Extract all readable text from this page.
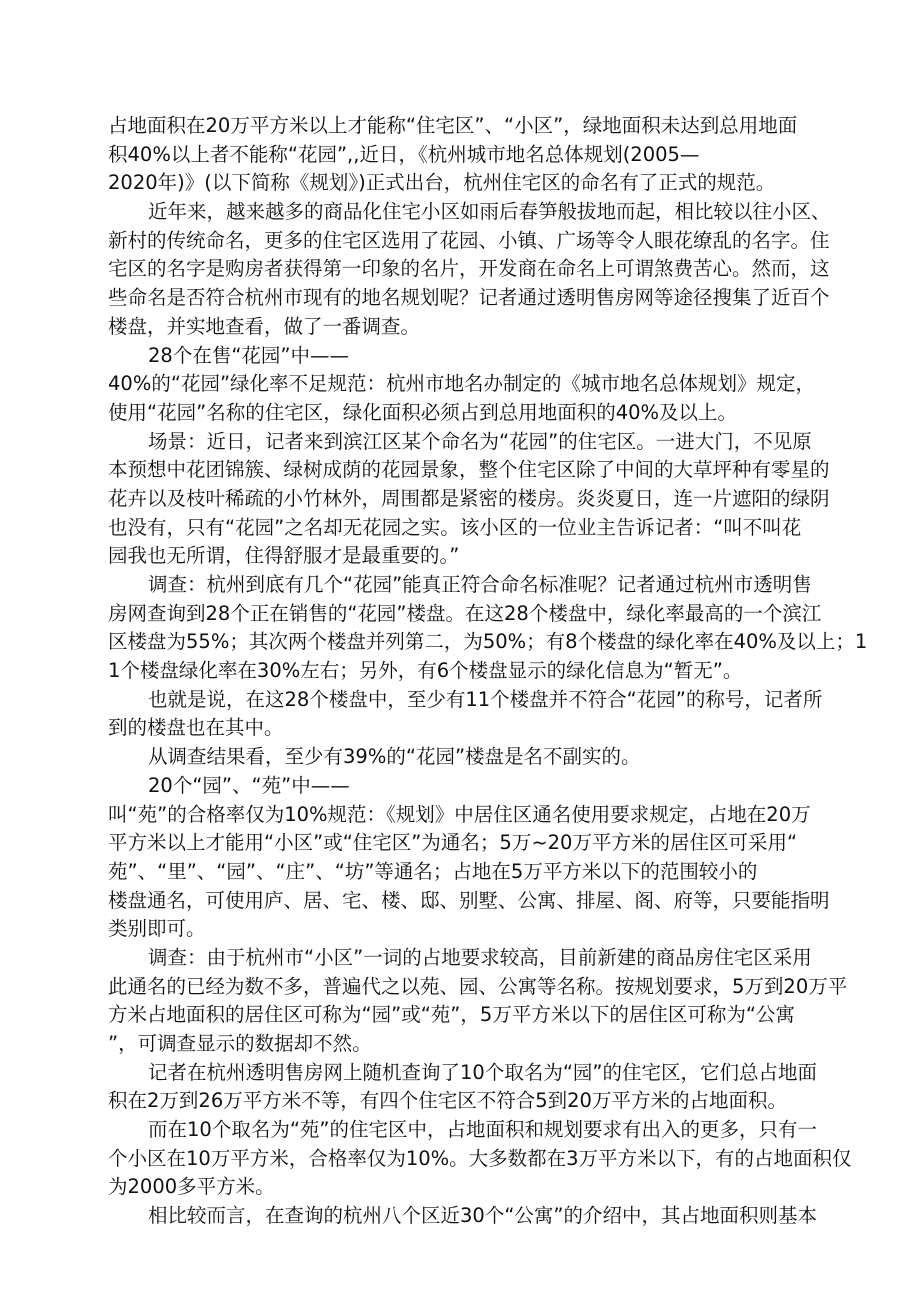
占地面积在20万平方米以上才能称“住宅区”、“小区”，绿地面积未达到总用地面
积40%以上者不能称“花园”,,近日，《杭州城市地名总体规划(2005—
2020年)》(以下简称《规划》)正式出台，杭州住宅区的命名有了正式的规范。
近年来，越来越多的商品化住宅小区如雨后春笋般拔地而起，相比较以往小区、
新村的传统命名，更多的住宅区选用了花园、小镇、广场等令人眼花缭乱的名字。住
宅区的名字是购房者获得第一印象的名片，开发商在命名上可谓煞费苦心。然而，这
些命名是否符合杭州市现有的地名规划呢？记者通过透明售房网等途径搜集了近百个
楼盘，并实地查看，做了一番调查。
28个在售“花园”中——
40%的“花园”绿化率不足规范：杭州市地名办制定的《城市地名总体规划》规定，
使用“花园”名称的住宅区，绿化面积必须占到总用地面积的40%及以上。
场景：近日，记者来到滨江区某个命名为“花园”的住宅区。一进大门，不见原
本预想中花团锦簇、绿树成荫的花园景象，整个住宅区除了中间的大草坪种有零星的
花卉以及枝叶稀疏的小竹林外，周围都是紧密的楼房。炎炎夏日，连一片遮阳的绿阴
也没有，只有“花园”之名却无花园之实。该小区的一位业主告诉记者：“叫不叫花
园我也无所谓，住得舒服才是最重要的。”
调查：杭州到底有几个“花园”能真正符合命名标准呢？记者通过杭州市透明售
房网查询到28个正在销售的“花园”楼盘。在这28个楼盘中，绿化率最高的一个滨江
区楼盘为55%；其次两个楼盘并列第二，为50%；有8个楼盘的绿化率在40%及以上；1
1个楼盘绿化率在30%左右；另外，有6个楼盘显示的绿化信息为“暂无”。
也就是说，在这28个楼盘中，至少有11个楼盘并不符合“花园”的称号，记者所
到的楼盘也在其中。
从调查结果看，至少有39%的“花园”楼盘是名不副实的。
20个“园”、“苑”中——
叫“苑”的合格率仅为10%规范：《规划》中居住区通名使用要求规定，占地在20万
平方米以上才能用“小区”或“住宅区”为通名；5万~20万平方米的居住区可采用“
苑”、“里”、“园”、“庄”、“坊”等通名；占地在5万平方米以下的范围较小的
楼盘通名，可使用庐、居、宅、楼、邸、别墅、公寓、排屋、阁、府等，只要能指明
类别即可。
调查：由于杭州市“小区”一词的占地要求较高，目前新建的商品房住宅区采用
此通名的已经为数不多，普遍代之以苑、园、公寓等名称。按规划要求，5万到20万平
方米占地面积的居住区可称为“园”或“苑”，5万平方米以下的居住区可称为“公寓
”，可调查显示的数据却不然。
记者在杭州透明售房网上随机查询了10个取名为“园”的住宅区，它们总占地面
积在2万到26万平方米不等，有四个住宅区不符合5到20万平方米的占地面积。
而在10个取名为“苑”的住宅区中，占地面积和规划要求有出入的更多，只有一
个小区在10万平方米，合格率仅为10%。大多数都在3万平方米以下，有的占地面积仅
为2000多平方米。
相比较而言，在查询的杭州八个区近30个“公寓”的介绍中，其占地面积则基本
